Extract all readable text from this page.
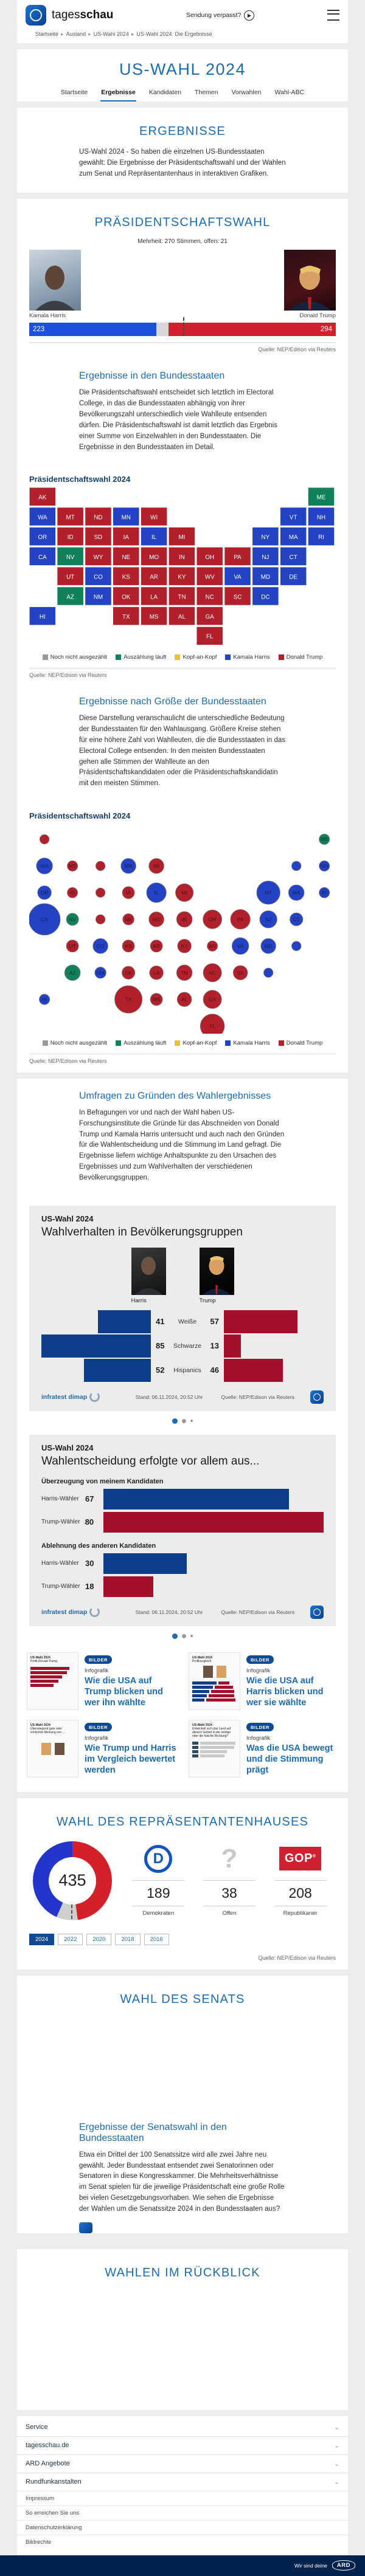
tagesschau	Sendung verpasst?	▶
Startseite ▸ Ausland ▸ US-Wahl 2024 ▸ US-Wahl 2024: Die Ergebnisse
US-WAHL 2024
Startseite Ergebnisse Kandidaten Themen Vorwahlen Wahl-ABC
ERGEBNISSE

US-Wahl 2024 - So haben die einzelnen US-Bundesstaaten gewählt: Die Ergebnisse der Präsidentschaftswahl und der Wahlen zum Senat und Repräsentantenhaus in interaktiven Grafiken.

PRÄSIDENTSCHAFTSWAHL

Mehrheit: 270 Stimmen, offen: 21

Kamala Harris	Donald Trump
223	294
Quelle: NEP/Edison via Reuters
Ergebnisse in den Bundesstaaten

Die Präsidentschaftswahl entscheidet sich letztlich im Electoral College, in das die Bundesstaaten abhängig von ihrer Bevölkerungszahl unterschiedlich viele Wahlleute entsenden dürfen. Die Präsidentschaftswahl ist damit letztlich das Ergebnis einer Summe von Einzelwahlen in den Bundesstaaten. Die Ergebnisse in den Bundesstaaten im Detail.

Präsidentschaftswahl 2024
AK	ME
WA	MT	ND	MN	WI	VT	NH
OR	ID	SD	IA	IL	MI	NY	MA	RI
CA	NV	WY	NE	MO	IN	OH	PA	NJ	CT
UT	CO	KS	AR	KY	WV	VA	MD	DE
AZ	NM	OK	LA	TN	NC	SC	DC
HI	TX	MS	AL	GA
FL
Noch nicht ausgezählt	Auszählung läuft	Kopf-an-Kopf	Kamala Harris	Donald Trump
Quelle: NEP/Edison via Reuters
Ergebnisse nach Größe der Bundesstaaten

Diese Darstellung veranschaulicht die unterschiedliche Bedeutung der Bundesstaaten für den Wahlausgang. Größere Kreise stehen für eine höhere Zahl von Wahlleuten, die die Bundesstaaten in das Electoral College entsenden. In den meisten Bundesstaaten gehen alle Stimmen der Wahlleute an den Präsidentschaftskandidaten oder die Präsidentschaftskandidatin mit den meisten Stimmen.

Präsidentschaftswahl 2024
ME
WA	MT	MN	WI	NH
OR	ID	IA	IL	MI	NY	MA	RI
CA	NV	NE	MO	IN	OH	PA	NJ	CT
UT	CO	KS	AR	KY	WV	VA	MD
AZ	NM	OK	LA	TN	NC	SC
HI	TX	MS	AL	GA
FL
Noch nicht ausgezählt	Auszählung läuft	Kopf-an-Kopf	Kamala Harris	Donald Trump
Quelle: NEP/Edison via Reuters
Umfragen zu Gründen des Wahlergebnisses

In Befragungen vor und nach der Wahl haben US-Forschungsinstitute die Gründe für das Abschneiden von Donald Trump und Kamala Harris untersucht und auch nach den Gründen für die Wahlentscheidung und die Stimmung im Land gefragt. Die Ergebnisse liefern wichtige Anhaltspunkte zu den Ursachen des Ergebnisses und zum Wahlverhalten der verschiedenen Bevölkerungsgruppen.

US-Wahl 2024

Wahlverhalten in Bevölkerungsgruppen

Harris	Trump
41 Weiße 57
85 Schwarze 13
52 Hispanics 46
infratest dimap	Stand: 06.11.2024, 20:52 Uhr	Quelle: NEP/Edison via Reuters

US-Wahl 2024

Wahlentscheidung erfolgte vor allem aus...

Überzeugung von meinem Kandidaten
Harris-Wähler 67
Trump-Wähler 80
Ablehnung des anderen Kandidaten
Harris-Wähler 30
Trump-Wähler 18
infratest dimap	Stand: 06.11.2024, 20:52 Uhr	Quelle: NEP/Edison via Reuters
US-Wahl 2024
Profil Donald Trump	BILDER
Infografik

Wie die USA auf Trump blicken und wer ihn wählte

US-Wahl 2024
Profilvergleich	BILDER
Infografik

Wie die USA auf Harris blicken und wer sie wählte

US-Wahl 2024
Überwiegend gute oder schlechte Meinung von ...
BILDER
Infografik

Wie Trump und Harris im Vergleich bewertet werden

US-Wahl 2024
Entwickelt sich das Land auf diesem Gebiet in die richtige oder die falsche Richtung?
BILDER
Infografik

Was die USA bewegt und die Stimmung prägt

WAHL DES REPRÄSENTANTENHAUSES
435
D
189
Demokraten
?
38
Offen
GOP®
208
Republikaner
2024	2022	2020	2018	2016
Quelle: NEP/Edison via Reuters
WAHL DES SENATS
Ergebnisse der Senatswahl in den Bundesstaaten

Etwa ein Drittel der 100 Senatssitze wird alle zwei Jahre neu gewählt. Jeder Bundesstaat entsendet zwei Senatorinnen oder Senatoren in diese Kongresskammer. Die Mehrheitsverhältnisse im Senat spielen für die jeweilige Präsidentschaft eine große Rolle bei vielen Gesetzgebungsvorhaben. Wie sehen die Ergebnisse der Wahlen um die Senatssitze 2024 in den Bundesstaaten aus?

WAHLEN IM RÜCKBLICK
Service	⌄
tagesschau.de	⌄
ARD Angebote	⌄
Rundfunkanstalten	⌄
Impressum
So erreichen Sie uns
Datenschutzerklärung
Bildrechte
Wir sind deine	ARD
